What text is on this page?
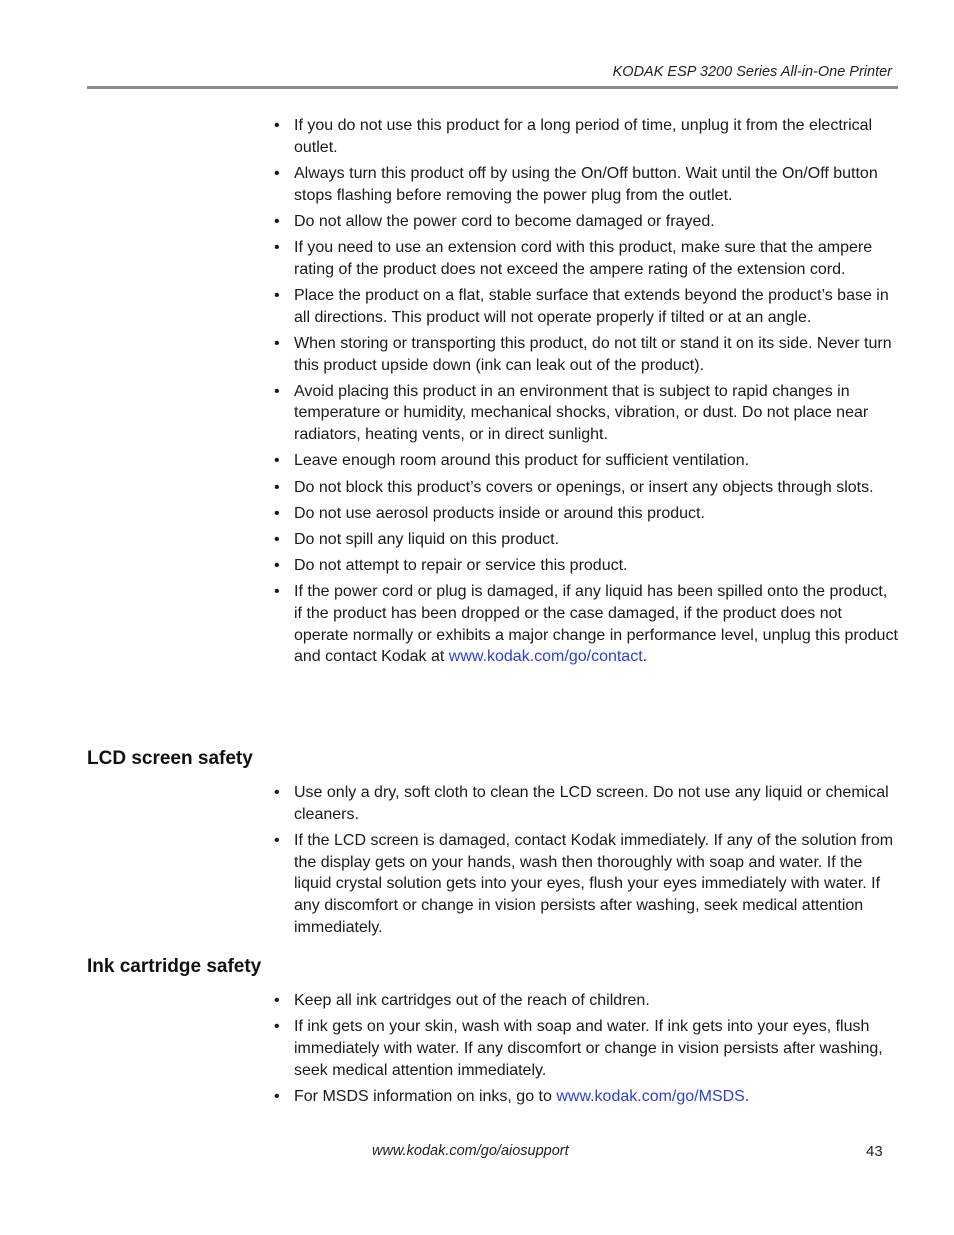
KODAK ESP 3200 Series All-in-One Printer
• If you do not use this product for a long period of time, unplug it from the electrical outlet.
• Always turn this product off by using the On/Off button. Wait until the On/Off button stops flashing before removing the power plug from the outlet.
• Do not allow the power cord to become damaged or frayed.
• If you need to use an extension cord with this product, make sure that the ampere rating of the product does not exceed the ampere rating of the extension cord.
• Place the product on a flat, stable surface that extends beyond the product’s base in all directions. This product will not operate properly if tilted or at an angle.
• When storing or transporting this product, do not tilt or stand it on its side. Never turn this product upside down (ink can leak out of the product).
• Avoid placing this product in an environment that is subject to rapid changes in temperature or humidity, mechanical shocks, vibration, or dust. Do not place near radiators, heating vents, or in direct sunlight.
• Leave enough room around this product for sufficient ventilation.
• Do not block this product’s covers or openings, or insert any objects through slots.
• Do not use aerosol products inside or around this product.
• Do not spill any liquid on this product.
• Do not attempt to repair or service this product.
• If the power cord or plug is damaged, if any liquid has been spilled onto the product, if the product has been dropped or the case damaged, if the product does not operate normally or exhibits a major change in performance level, unplug this product and contact Kodak at www.kodak.com/go/contact.
LCD screen safety
• Use only a dry, soft cloth to clean the LCD screen. Do not use any liquid or chemical cleaners.
• If the LCD screen is damaged, contact Kodak immediately. If any of the solution from the display gets on your hands, wash then thoroughly with soap and water. If the liquid crystal solution gets into your eyes, flush your eyes immediately with water. If any discomfort or change in vision persists after washing, seek medical attention immediately.
Ink cartridge safety
• Keep all ink cartridges out of the reach of children.
• If ink gets on your skin, wash with soap and water. If ink gets into your eyes, flush immediately with water. If any discomfort or change in vision persists after washing, seek medical attention immediately.
• For MSDS information on inks, go to www.kodak.com/go/MSDS.
www.kodak.com/go/aiosupport	43
